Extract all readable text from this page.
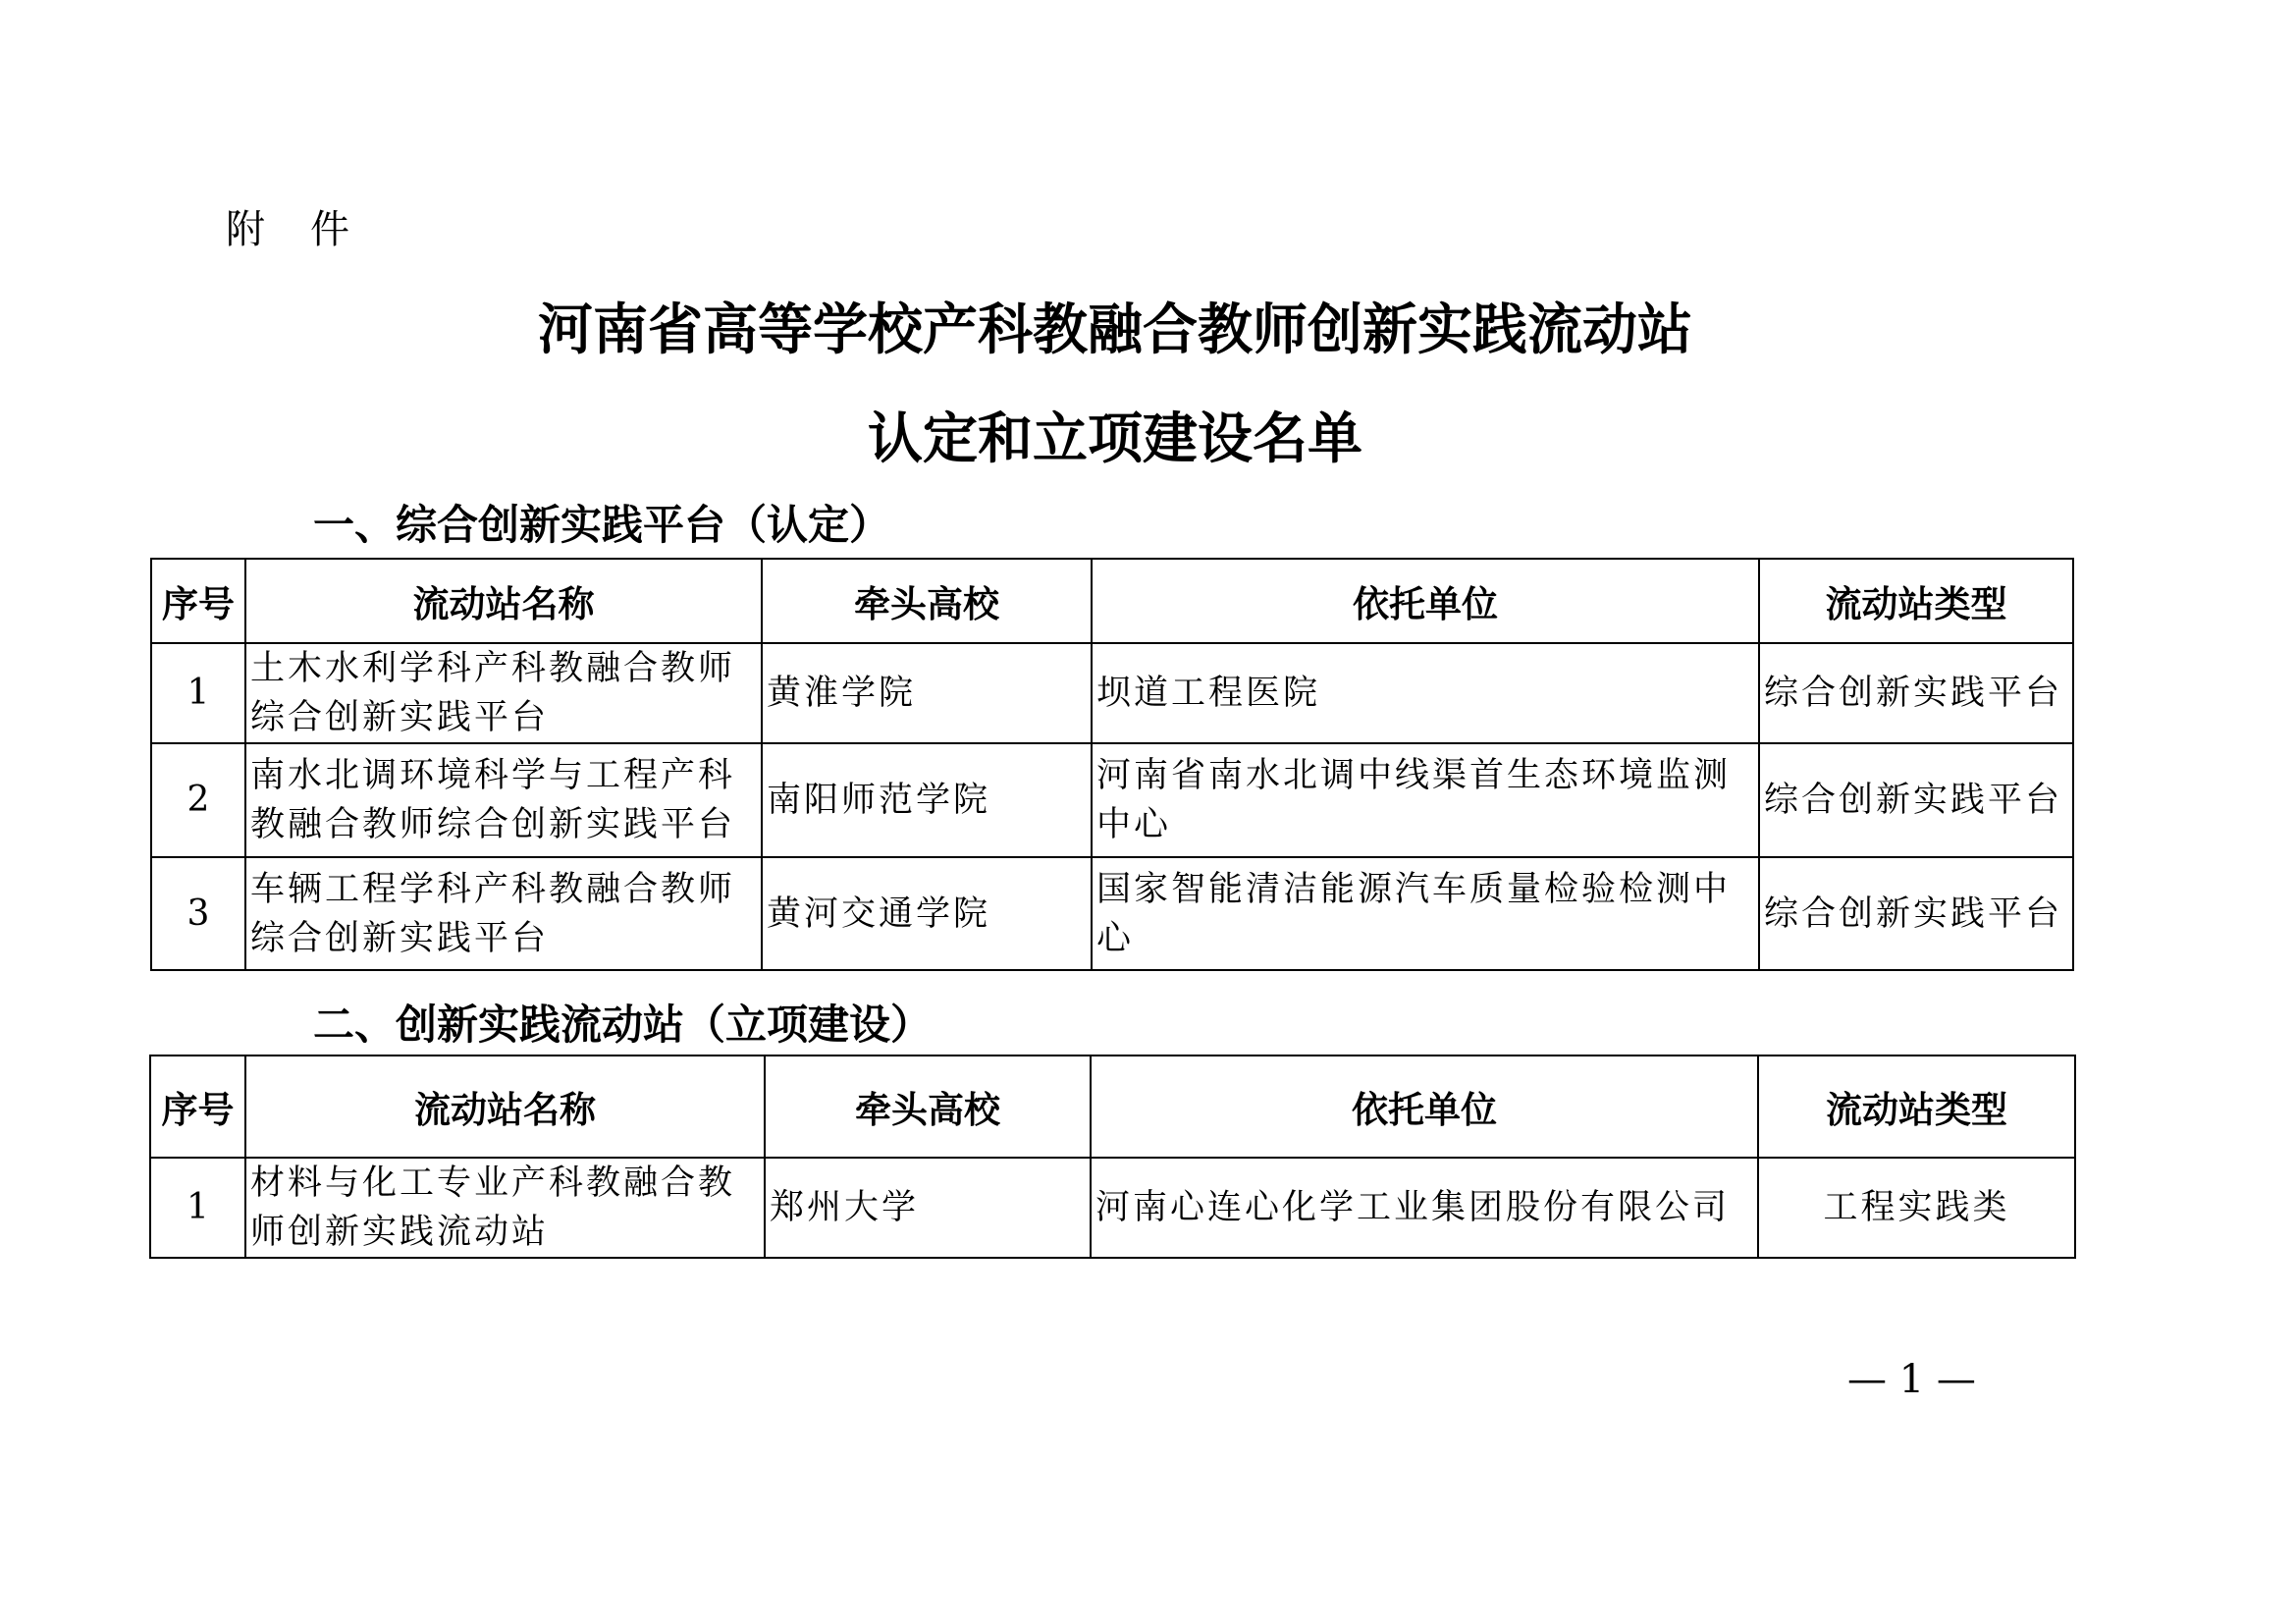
附 件
河南省高等学校产科教融合教师创新实践流动站
认定和立项建设名单
一、综合创新实践平台（认定）
序号	流动站名称	牵头高校	依托单位	流动站类型
1	土木水利学科产科教融合教师综合创新实践平台	黄淮学院	坝道工程医院	综合创新实践平台
2	南水北调环境科学与工程产科教融合教师综合创新实践平台	南阳师范学院	河南省南水北调中线渠首生态环境监测中心	综合创新实践平台
3	车辆工程学科产科教融合教师综合创新实践平台	黄河交通学院	国家智能清洁能源汽车质量检验检测中心	综合创新实践平台
二、创新实践流动站（立项建设）
序号	流动站名称	牵头高校	依托单位	流动站类型
1	材料与化工专业产科教融合教师创新实践流动站	郑州大学	河南心连心化学工业集团股份有限公司	工程实践类
— 1 —
